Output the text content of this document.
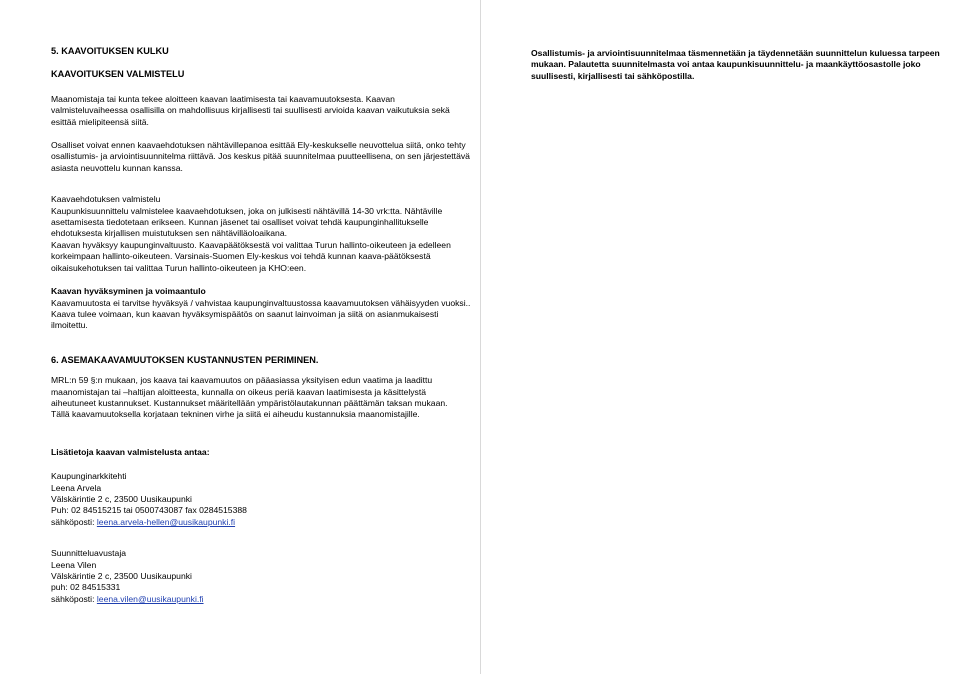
5. KAAVOITUKSEN KULKU
KAAVOITUKSEN VALMISTELU
Maanomistaja tai kunta tekee aloitteen kaavan laatimisesta tai kaavamuutoksesta. Kaavan
valmisteluvaiheessa osallisilla on mahdollisuus kirjallisesti tai suullisesti arvioida kaavan vaikutuksia sekä
esittää mielipiteensä siitä.
Osalliset voivat ennen kaavaehdotuksen nähtävillepanoa esittää Ely-keskukselle neuvottelua siitä, onko tehty
osallistumis- ja arviointisuunnitelma riittävä. Jos keskus pitää suunnitelmaa puutteellisena, on sen järjestettävä
asiasta neuvottelu kunnan kanssa.
Kaavaehdotuksen valmistelu
Kaupunkisuunnittelu valmistelee kaavaehdotuksen, joka on julkisesti nähtävillä 14-30 vrk:tta. Nähtäville
asettamisesta tiedotetaan erikseen. Kunnan jäsenet tai osalliset voivat tehdä kaupunginhallitukselle
ehdotuksesta kirjallisen muistutuksen sen nähtävilläoloaikana.
Kaavan hyväksyy kaupunginvaltuusto. Kaavapäätöksestä voi valittaa Turun hallinto-oikeuteen ja edelleen
korkeimpaan hallinto-oikeuteen. Varsinais-Suomen Ely-keskus voi tehdä kunnan kaava-päätöksestä
oikaisukehotuksen tai valittaa Turun hallinto-oikeuteen ja KHO:een.
Kaavan hyväksyminen ja voimaantulo
Kaavamuutosta ei tarvitse hyväksyä / vahvistaa kaupunginvaltuustossa kaavamuutoksen vähäisyyden vuoksi..
Kaava tulee voimaan, kun kaavan hyväksymispäätös on saanut lainvoiman ja siitä on asianmukaisesti
ilmoitettu.
6. ASEMAKAAVAMUUTOKSEN KUSTANNUSTEN PERIMINEN.
MRL:n 59 §:n mukaan, jos kaava tai kaavamuutos on pääasiassa yksityisen edun vaatima ja laadittu
maanomistajan tai –haltijan aloitteesta, kunnalla on oikeus periä kaavan laatimisesta ja käsittelystä
aiheutuneet kustannukset. Kustannukset määritellään ympäristölautakunnan päättämän taksan mukaan.
Tällä kaavamuutoksella korjataan tekninen virhe ja siitä ei aiheudu kustannuksia maanomistajille.
Lisätietoja kaavan valmistelusta antaa:
Kaupunginarkkitehti
Leena Arvela
Välskärintie 2 c, 23500 Uusikaupunki
Puh: 02 84515215 tai 0500743087 fax 0284515388
sähköposti: leena.arvela-hellen@uusikaupunki.fi
Suunnitteluavustaja
Leena Vilen
Välskärintie 2 c, 23500 Uusikaupunki
puh: 02 84515331
sähköposti: leena.vilen@uusikaupunki.fi
Osallistumis- ja arviointisuunnitelmaa täsmennetään ja täydennetään suunnittelun kuluessa tarpeen
mukaan. Palautetta suunnitelmasta voi antaa kaupunkisuunnittelu- ja maankäyttöosastolle joko
suullisesti, kirjallisesti tai sähköpostilla.
